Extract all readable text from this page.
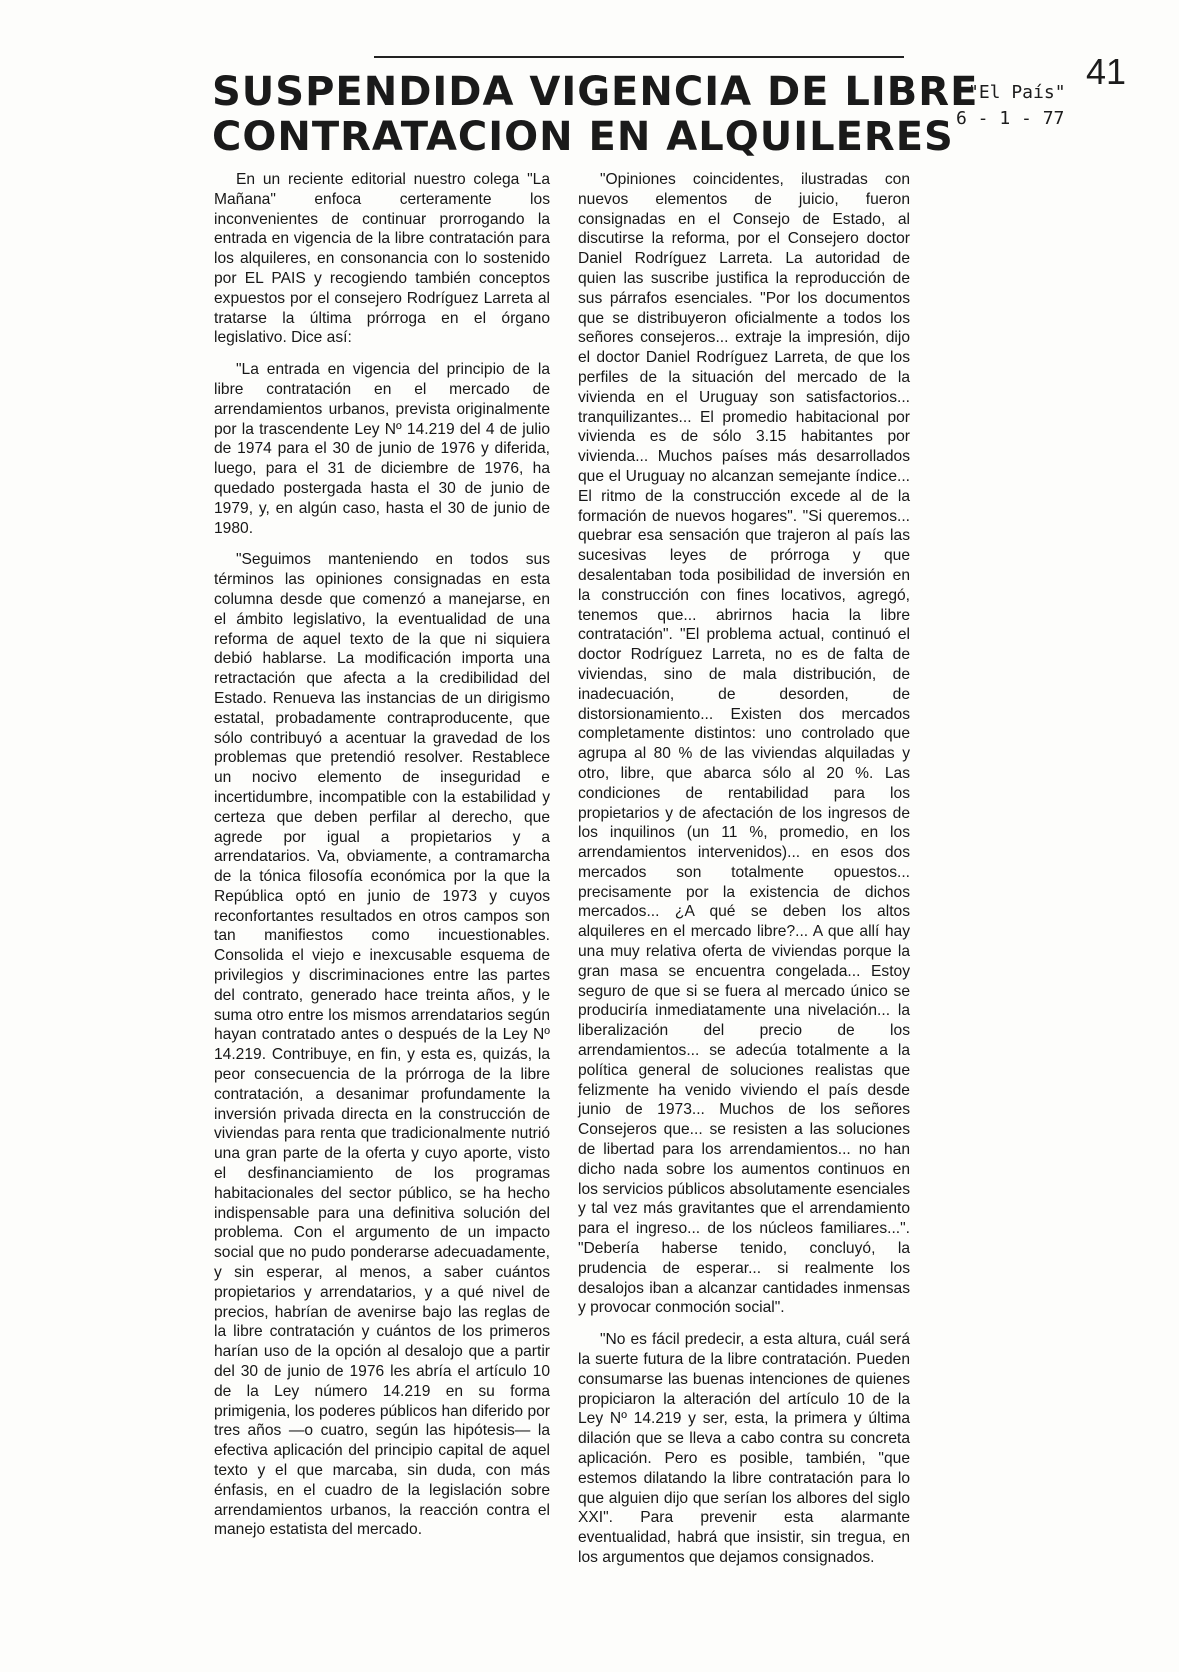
SUSPENDIDA VIGENCIA DE LIBRE
CONTRATACION EN ALQUILERES
"El País"
6 - 1 - 77
41

En un reciente editorial nuestro colega "La Mañana" enfoca certeramente los inconvenientes de continuar prorrogando la entrada en vigencia de la libre contratación para los alquileres, en consonancia con lo sostenido por EL PAIS y recogiendo también conceptos expuestos por el consejero Rodríguez Larreta al tratarse la última prórroga en el órgano legislativo. Dice así:

"La entrada en vigencia del principio de la libre contratación en el mercado de arrendamientos urbanos, prevista originalmente por la trascendente Ley Nº 14.219 del 4 de julio de 1974 para el 30 de junio de 1976 y diferida, luego, para el 31 de diciembre de 1976, ha quedado postergada hasta el 30 de junio de 1979, y, en algún caso, hasta el 30 de junio de 1980.

"Seguimos manteniendo en todos sus términos las opiniones consignadas en esta columna desde que comenzó a manejarse, en el ámbito legislativo, la eventualidad de una reforma de aquel texto de la que ni siquiera debió hablarse. La modificación importa una retractación que afecta a la credibilidad del Estado. Renueva las instancias de un dirigismo estatal, probadamente contraproducente, que sólo contribuyó a acentuar la gravedad de los problemas que pretendió resolver. Restablece un nocivo elemento de inseguridad e incertidumbre, incompatible con la estabilidad y certeza que deben perfilar al derecho, que agrede por igual a propietarios y a arrendatarios. Va, obviamente, a contramarcha de la tónica filosofía económica por la que la República optó en junio de 1973 y cuyos reconfortantes resultados en otros campos son tan manifiestos como incuestionables. Consolida el viejo e inexcusable esquema de privilegios y discriminaciones entre las partes del contrato, generado hace treinta años, y le suma otro entre los mismos arrendatarios según hayan contratado antes o después de la Ley Nº 14.219. Contribuye, en fin, y esta es, quizás, la peor consecuencia de la prórroga de la libre contratación, a desanimar profundamente la inversión privada directa en la construcción de viviendas para renta que tradicionalmente nutrió una gran parte de la oferta y cuyo aporte, visto el desfinanciamiento de los programas habitacionales del sector público, se ha hecho indispensable para una definitiva solución del problema. Con el argumento de un impacto social que no pudo ponderarse adecuadamente, y sin esperar, al menos, a saber cuántos propietarios y arrendatarios, y a qué nivel de precios, habrían de avenirse bajo las reglas de la libre contratación y cuántos de los primeros harían uso de la opción al desalojo que a partir del 30 de junio de 1976 les abría el artículo 10 de la Ley número 14.219 en su forma primigenia, los poderes públicos han diferido por tres años —o cuatro, según las hipótesis— la efectiva aplicación del principio capital de aquel texto y el que marcaba, sin duda, con más énfasis, en el cuadro de la legislación sobre arrendamientos urbanos, la reacción contra el manejo estatista del mercado.

"Opiniones coincidentes, ilustradas con nuevos elementos de juicio, fueron consignadas en el Consejo de Estado, al discutirse la reforma, por el Consejero doctor Daniel Rodríguez Larreta. La autoridad de quien las suscribe justifica la reproducción de sus párrafos esenciales. "Por los documentos que se distribuyeron oficialmente a todos los señores consejeros... extraje la impresión, dijo el doctor Daniel Rodríguez Larreta, de que los perfiles de la situación del mercado de la vivienda en el Uruguay son satisfactorios... tranquilizantes... El promedio habitacional por vivienda es de sólo 3.15 habitantes por vivienda... Muchos países más desarrollados que el Uruguay no alcanzan semejante índice... El ritmo de la construcción excede al de la formación de nuevos hogares". "Si queremos... quebrar esa sensación que trajeron al país las sucesivas leyes de prórroga y que desalentaban toda posibilidad de inversión en la construcción con fines locativos, agregó, tenemos que... abrirnos hacia la libre contratación". "El problema actual, continuó el doctor Rodríguez Larreta, no es de falta de viviendas, sino de mala distribución, de inadecuación, de desorden, de distorsionamiento... Existen dos mercados completamente distintos: uno controlado que agrupa al 80 % de las viviendas alquiladas y otro, libre, que abarca sólo al 20 %. Las condiciones de rentabilidad para los propietarios y de afectación de los ingresos de los inquilinos (un 11 %, promedio, en los arrendamientos intervenidos)... en esos dos mercados son totalmente opuestos... precisamente por la existencia de dichos mercados... ¿A qué se deben los altos alquileres en el mercado libre?... A que allí hay una muy relativa oferta de viviendas porque la gran masa se encuentra congelada... Estoy seguro de que si se fuera al mercado único se produciría inmediatamente una nivelación... la liberalización del precio de los arrendamientos... se adecúa totalmente a la política general de soluciones realistas que felizmente ha venido viviendo el país desde junio de 1973... Muchos de los señores Consejeros que... se resisten a las soluciones de libertad para los arrendamientos... no han dicho nada sobre los aumentos continuos en los servicios públicos absolutamente esenciales y tal vez más gravitantes que el arrendamiento para el ingreso... de los núcleos familiares...". "Debería haberse tenido, concluyó, la prudencia de esperar... si realmente los desalojos iban a alcanzar cantidades inmensas y provocar conmoción social".

"No es fácil predecir, a esta altura, cuál será la suerte futura de la libre contratación. Pueden consumarse las buenas intenciones de quienes propiciaron la alteración del artículo 10 de la Ley Nº 14.219 y ser, esta, la primera y última dilación que se lleva a cabo contra su concreta aplicación. Pero es posible, también, "que estemos dilatando la libre contratación para lo que alguien dijo que serían los albores del siglo XXI". Para prevenir esta alarmante eventualidad, habrá que insistir, sin tregua, en los argumentos que dejamos consignados.
